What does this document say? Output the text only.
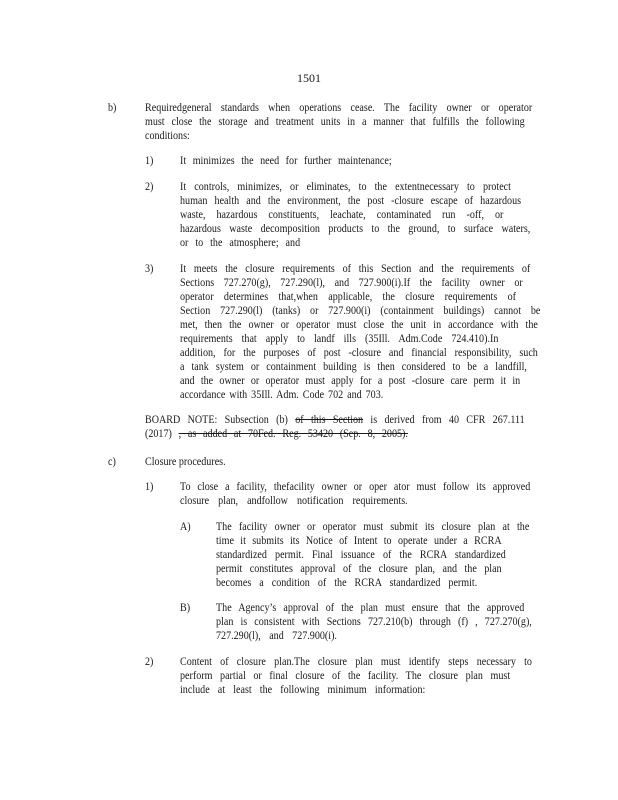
1501
b) Requiredgeneral standards when operations cease. The facility owner or operator
must close the storage and treatment units in a manner that fulfills the following
conditions:
1) It minimizes the need for further maintenance;
2) It controls, minimizes, or eliminates, to the extentnecessary to protect
human health and the environment, the post -closure escape of hazardous
waste, hazardous constituents, leachate, contaminated run -off, or
hazardous waste decomposition products to the ground, to surface waters,
or to the atmosphere; and
3) It meets the closure requirements of this Section and the requirements of
Sections 727.270(g), 727.290(l), and 727.900(i).If the facility owner or
operator determines that,when applicable, the closure requirements of
Section 727.290(l) (tanks) or 727.900(i) (containment buildings) cannot be
met, then the owner or operator must close the unit in accordance with the
requirements that apply to landf ills (35Ill. Adm.Code 724.410).In
addition, for the purposes of post -closure and financial responsibility, such
a tank system or containment building is then considered to be a landfill,
and the owner or operator must apply for a post -closure care perm it in
accordance with 35Ill. Adm. Code 702 and 703.
BOARD NOTE: Subsection (b) of this Section is derived from 40 CFR 267.111
(2017) , as added at 70Fed. Reg. 53420 (Sep. 8, 2005).
c) Closure procedures.
1) To close a facility, thefacility owner or oper ator must follow its approved
closure plan, andfollow notification requirements.
A) The facility owner or operator must submit its closure plan at the
time it submits its Notice of Intent to operate under a RCRA
standardized permit. Final issuance of the RCRA standardized
permit constitutes approval of the closure plan, and the plan
becomes a condition of the RCRA standardized permit.
B) The Agency’s approval of the plan must ensure that the approved
plan is consistent with Sections 727.210(b) through (f) , 727.270(g),
727.290(l), and 727.900(i).
2) Content of closure plan.The closure plan must identify steps necessary to
perform partial or final closure of the facility. The closure plan must
include at least the following minimum information:
